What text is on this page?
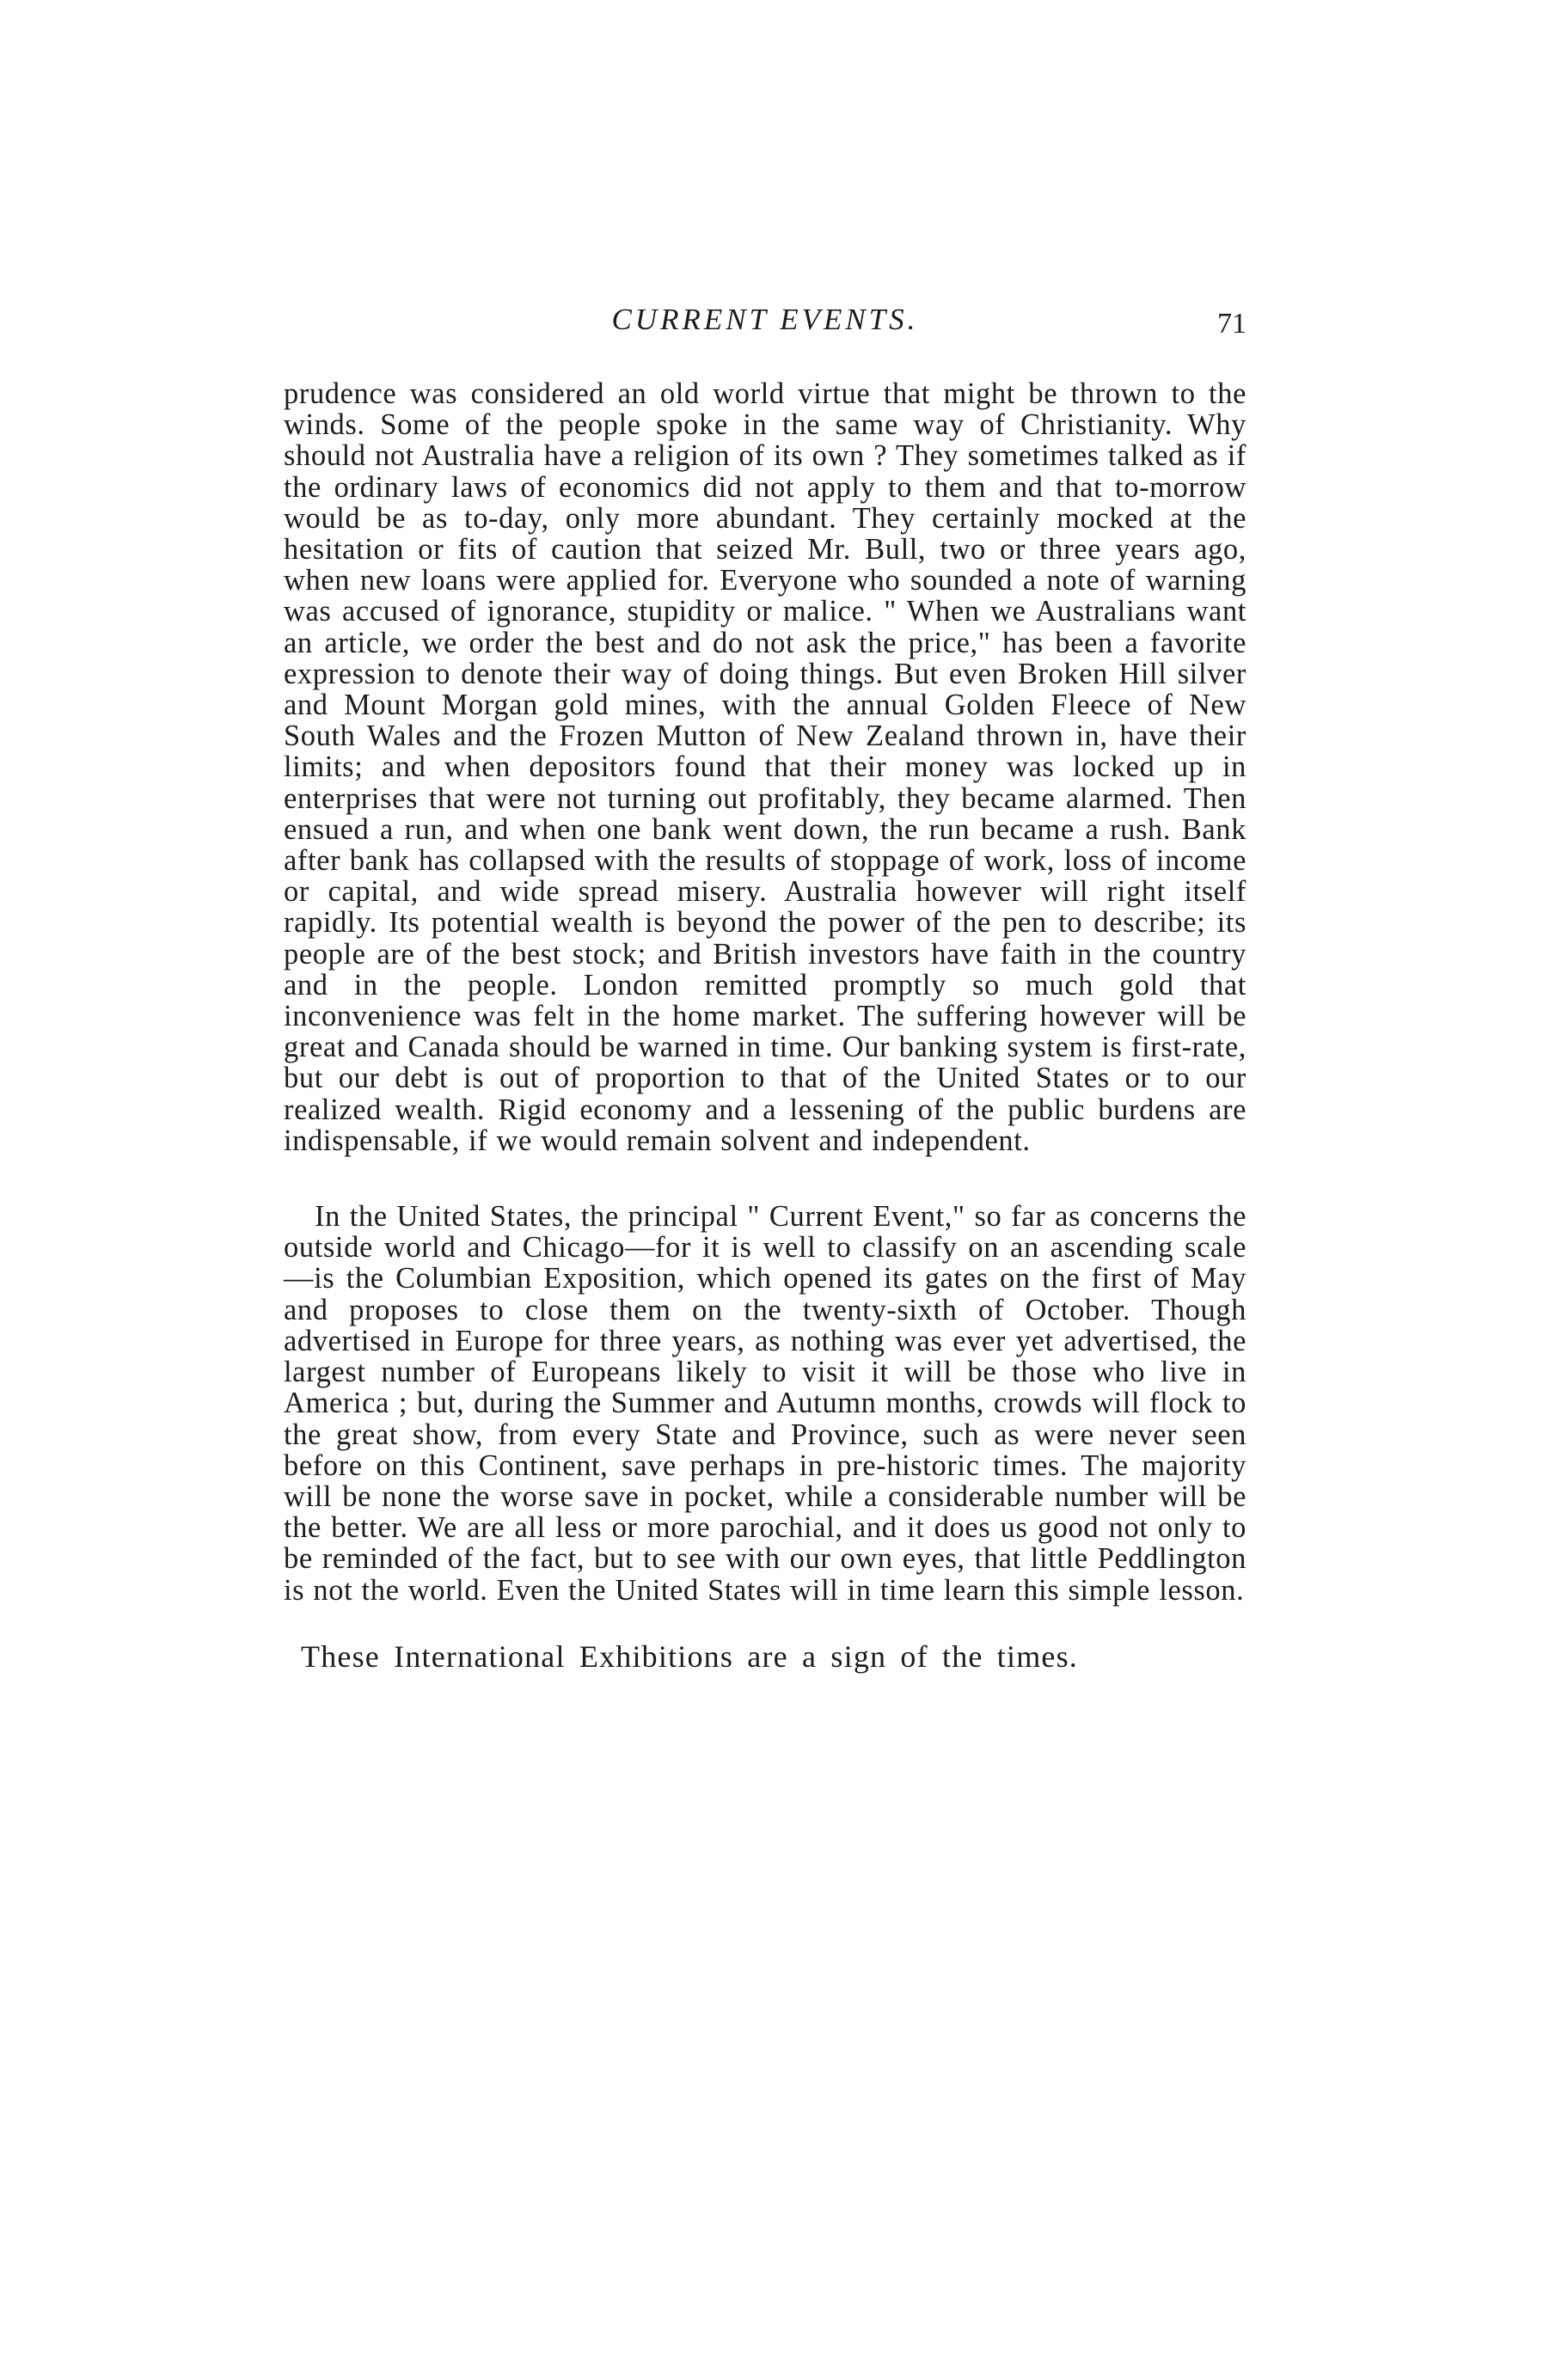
CURRENT EVENTS.	71

prudence was considered an old world virtue that might be thrown to the winds. Some of the people spoke in the same way of Christianity. Why should not Australia have a religion of its own ? They sometimes talked as if the ordinary laws of economics did not apply to them and that to-morrow would be as to-day, only more abundant. They certainly mocked at the hesitation or fits of caution that seized Mr. Bull, two or three years ago, when new loans were applied for. Everyone who sounded a note of warning was accused of ignorance, stupidity or malice. " When we Australians want an article, we order the best and do not ask the price," has been a favorite expression to denote their way of doing things. But even Broken Hill silver and Mount Morgan gold mines, with the annual Golden Fleece of New South Wales and the Frozen Mutton of New Zealand thrown in, have their limits; and when depositors found that their money was locked up in enterprises that were not turning out profitably, they became alarmed. Then ensued a run, and when one bank went down, the run became a rush. Bank after bank has collapsed with the results of stoppage of work, loss of income or capital, and wide spread misery. Australia however will right itself rapidly. Its potential wealth is beyond the power of the pen to describe; its people are of the best stock; and British investors have faith in the country and in the people. London remitted promptly so much gold that inconvenience was felt in the home market. The suffering however will be great and Canada should be warned in time. Our banking system is first-rate, but our debt is out of proportion to that of the United States or to our realized wealth. Rigid economy and a lessening of the public burdens are indispensable, if we would remain solvent and independent.

In the United States, the principal " Current Event," so far as concerns the outside world and Chicago—for it is well to classify on an ascending scale—is the Columbian Exposition, which opened its gates on the first of May and proposes to close them on the twenty-sixth of October. Though advertised in Europe for three years, as nothing was ever yet advertised, the largest number of Europeans likely to visit it will be those who live in America ; but, during the Summer and Autumn months, crowds will flock to the great show, from every State and Province, such as were never seen before on this Continent, save perhaps in pre-historic times. The majority will be none the worse save in pocket, while a considerable number will be the better. We are all less or more parochial, and it does us good not only to be reminded of the fact, but to see with our own eyes, that little Peddlington is not the world. Even the United States will in time learn this simple lesson.

These International Exhibitions are a sign of the times.
